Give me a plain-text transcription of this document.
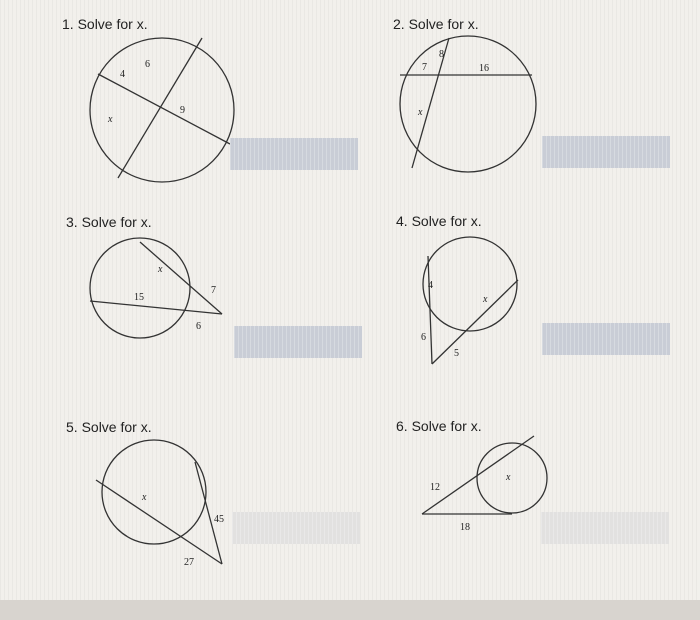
1. Solve for x.
4
6
9
x
2. Solve for x.
8
7	16
x
3. Solve for x.
x
15
7
6
4. Solve for x.
4
x
6
5
5. Solve for x.
x
45
27
6. Solve for x.
x
12
18
